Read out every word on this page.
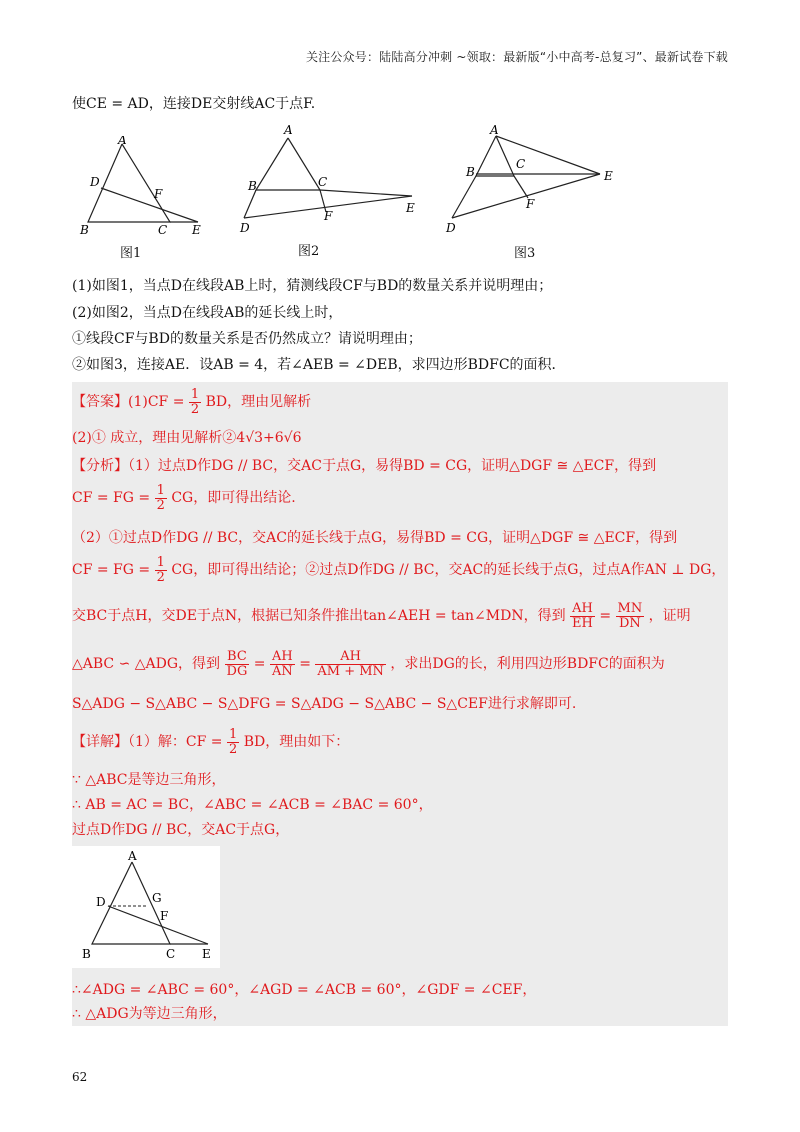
关注公众号：陆陆高分冲刺 ~领取：最新版“小中高考-总复习”、最新试卷下载
使CE = AD，连接DE交射线AC于点F.
A
D
F
B	C E
图1
A
B	C
F
E
D
图2
A
B
C
F
E
D
图3
(1)如图1，当点D在线段AB上时，猜测线段CF与BD的数量关系并说明理由；
(2)如图2，当点D在线段AB的延长线上时，
①线段CF与BD的数量关系是否仍然成立？请说明理由；
②如图3，连接AE．设AB = 4，若∠AEB = ∠DEB，求四边形BDFC的面积．
【答案】$(1)CF = \frac{1}{2}$ BD，理由见解析
(2)① 成立，理由见解析②4√3+6√6
【分析】（1）过点D作DG // BC，交AC于点G，易得BD = CG，证明△DGF ≅ △ECF，得到
CF = FG = $\frac{1}{2}$ CG，即可得出结论.
（2）①过点D作DG // BC，交AC的延长线于点G，易得BD = CG，证明△DGF ≅ △ECF，得到
CF = FG = $\frac{1}{2}$ CG，即可得出结论；②过点D作DG // BC，交AC的延长线于点G，过点A作AN ⊥ DG，
交BC于点H，交DE于点N，根据已知条件推出tan∠AEH = tan∠MDN，得到 $\frac{AH}{EH} = \frac{MN}{DN}$ ，证明
△ABC ∽ △ADG，得到 $\frac{BC}{DG} = \frac{AH}{AN} = \frac{AH}{AM + MN}$ ，求出DG的长，利用四边形BDFC的面积为
S△ADG − S△ABC − S△DFG = S△ADG − S△ABC − S△CEF进行求解即可.
【详解】（1）解：CF = $\frac{1}{2}$ BD，理由如下：
∵ △ABC是等边三角形，
∴ AB = AC = BC，∠ABC = ∠ACB = ∠BAC = 60°，
过点D作DG // BC，交AC于点G，
A
D	G
F
B	C E
∴∠ADG = ∠ABC = 60°，∠AGD = ∠ACB = 60°，∠GDF = ∠CEF，
∴ △ADG为等边三角形，
62
